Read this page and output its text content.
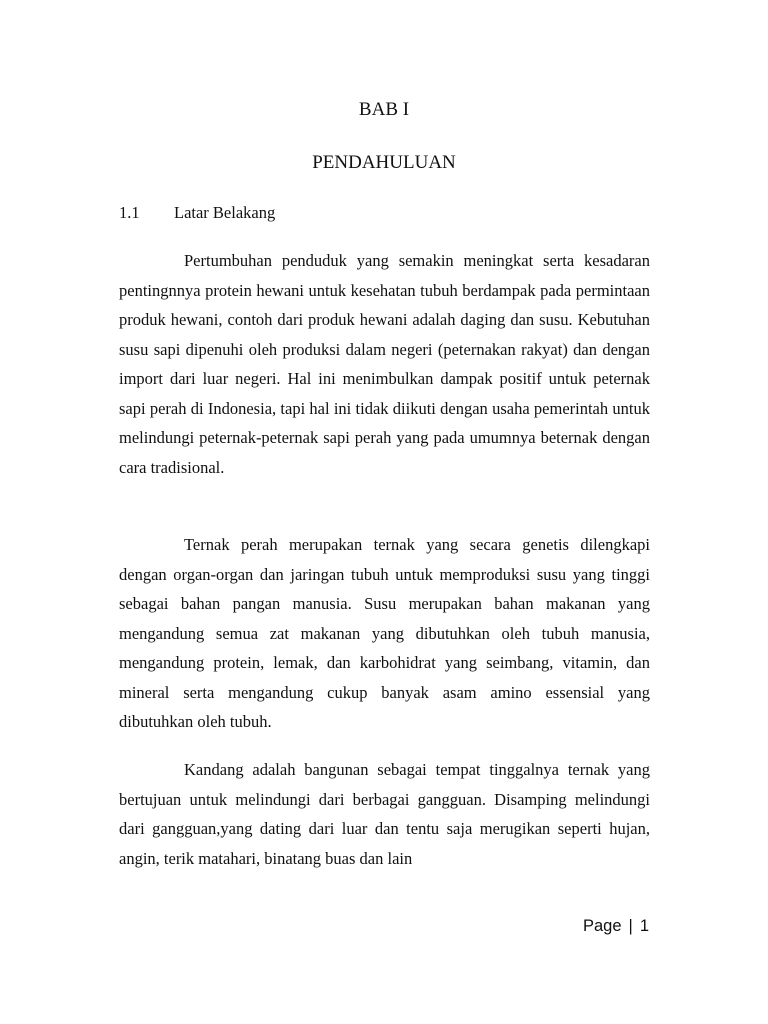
BAB I
PENDAHULUAN
1.1 Latar Belakang

Pertumbuhan penduduk yang semakin meningkat serta kesadaran pentingnnya protein hewani untuk kesehatan tubuh berdampak pada permintaan produk hewani, contoh dari produk hewani adalah daging dan susu. Kebutuhan susu sapi dipenuhi oleh produksi dalam negeri (peternakan rakyat) dan dengan import dari luar negeri. Hal ini menimbulkan dampak positif untuk peternak sapi perah di Indonesia, tapi hal ini tidak diikuti dengan usaha pemerintah untuk melindungi peternak-peternak sapi perah yang pada umumnya beternak dengan cara tradisional.

Ternak perah merupakan ternak yang secara genetis dilengkapi dengan organ-organ dan jaringan tubuh untuk memproduksi susu yang tinggi sebagai bahan pangan manusia. Susu merupakan bahan makanan yang mengandung semua zat makanan yang dibutuhkan oleh tubuh manusia, mengandung protein, lemak, dan karbohidrat yang seimbang, vitamin, dan mineral serta mengandung cukup banyak asam amino essensial yang dibutuhkan oleh tubuh.

Kandang adalah bangunan sebagai tempat tinggalnya ternak yang bertujuan untuk melindungi dari berbagai gangguan. Disamping melindungi dari gangguan,yang dating dari luar dan tentu saja merugikan seperti hujan, angin, terik matahari, binatang buas dan lain

Page | 1
